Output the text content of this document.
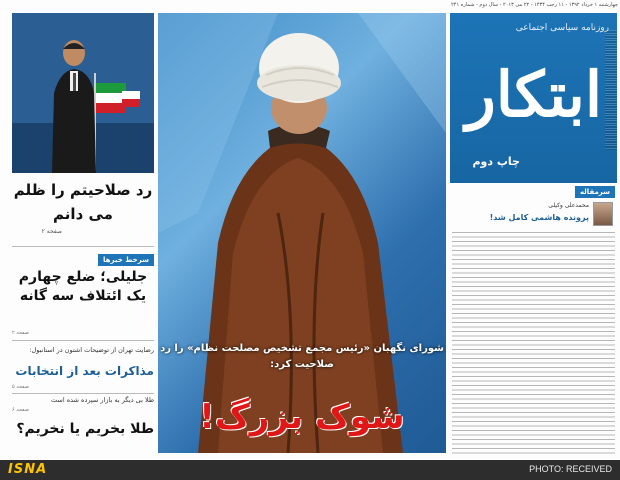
چهارشنبه ۱ خرداد ۱۳۹۲ - ۱۱ رجب ۱۴۳۴ - ۲۲ می ۲۰۱۳ - سال دوم - شماره ۲۴۱
روزنامه سیاسی اجتماعی
ابتکار
چاپ دوم
سرمقاله
محمدعلی وکیلی
پرونده هاشمی کامل شد!
شورای نگهبان «رئیس مجمع تشخیص مصلحت نظام» را رد صلاحیت کرد:
شوک بزرگ!
رد صلاحیتم را ظلم می دانم
صفحه ۲
سرخط خبرها
جلیلی؛ ضلع چهارم یک ائتلاف سه گانه
صفحه ۲
رضایت تهران از توضیحات اشتون در استانبول:
مذاکرات بعد از انتخابات
صفحه ۵
طلا بی دیگر به بازار سپرده شده است
صفحه ۶
طلا بخریم یا نخریم؟
ISNA	PHOTO: RECEIVED
